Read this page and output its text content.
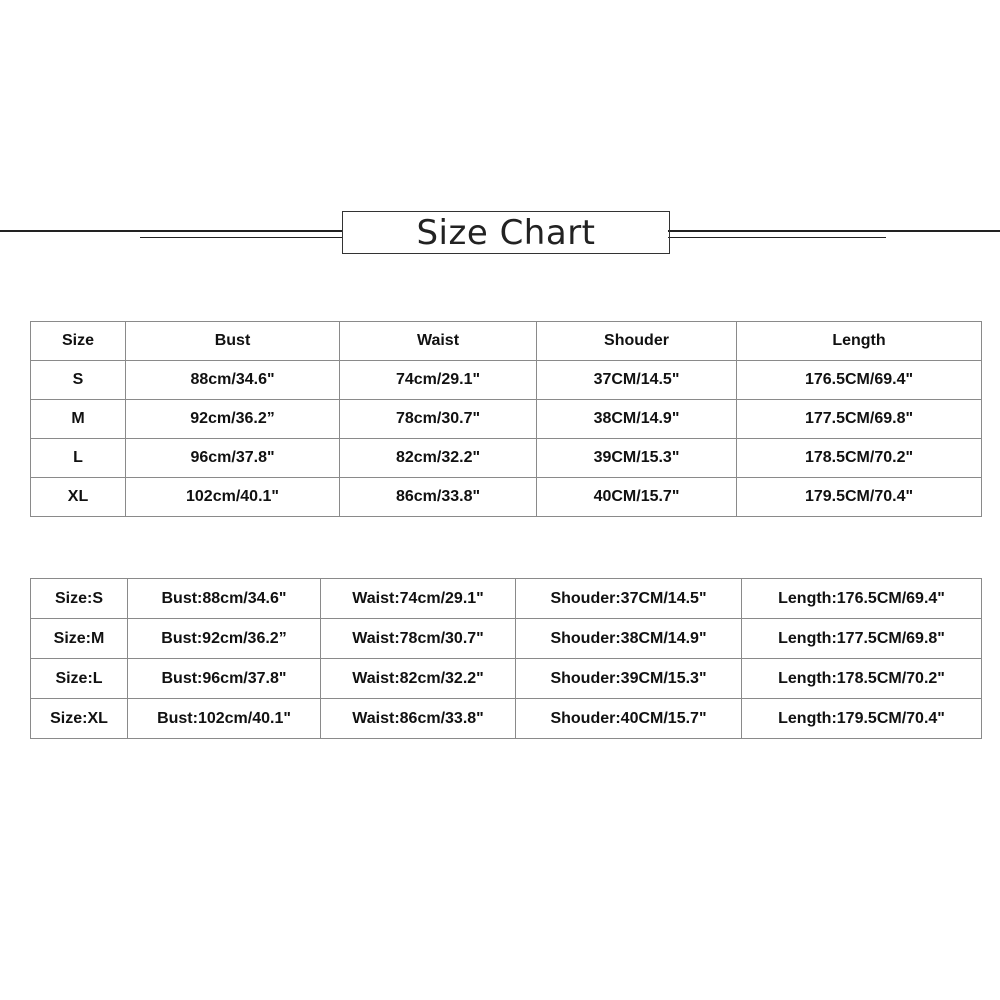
Size Chart
Size	Bust	Waist	Shouder	Length
S	88cm/34.6"	74cm/29.1"	37CM/14.5"	176.5CM/69.4"
M	92cm/36.2”	78cm/30.7"	38CM/14.9"	177.5CM/69.8"
L	96cm/37.8"	82cm/32.2"	39CM/15.3"	178.5CM/70.2"
XL	102cm/40.1"	86cm/33.8"	40CM/15.7"	179.5CM/70.4"
Size:S	Bust:88cm/34.6"	Waist:74cm/29.1"	Shouder:37CM/14.5"	Length:176.5CM/69.4"
Size:M	Bust:92cm/36.2”	Waist:78cm/30.7"	Shouder:38CM/14.9"	Length:177.5CM/69.8"
Size:L	Bust:96cm/37.8"	Waist:82cm/32.2"	Shouder:39CM/15.3"	Length:178.5CM/70.2"
Size:XL	Bust:102cm/40.1"	Waist:86cm/33.8"	Shouder:40CM/15.7"	Length:179.5CM/70.4"
